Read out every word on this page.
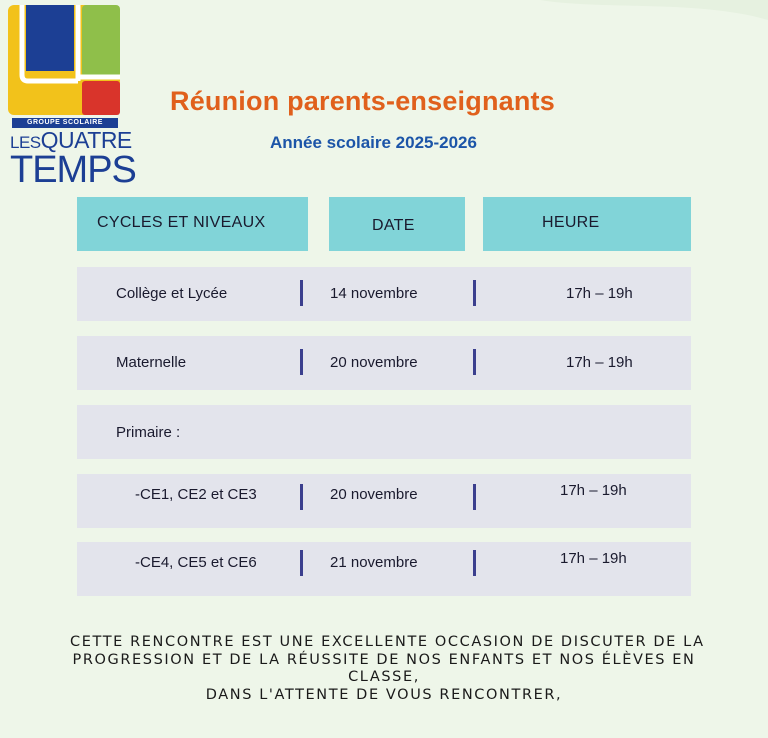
GROUPE SCOLAIRE
LESQUATRE
TEMPS
Réunion parents-enseignants
Année scolaire 2025-2026
CYCLES ET NIVEAUX	DATE	HEURE
Collège et Lycée	14 novembre	17h – 19h
Maternelle	20 novembre	17h – 19h
Primaire :
-CE1, CE2 et CE3	20 novembre	17h – 19h
-CE4, CE5 et CE6	21 novembre	17h – 19h
CETTE RENCONTRE EST UNE EXCELLENTE OCCASION DE DISCUTER DE LA
PROGRESSION ET DE LA RÉUSSITE DE NOS ENFANTS ET NOS ÉLÈVES EN
CLASSE,
DANS L'ATTENTE DE VOUS RENCONTRER,
